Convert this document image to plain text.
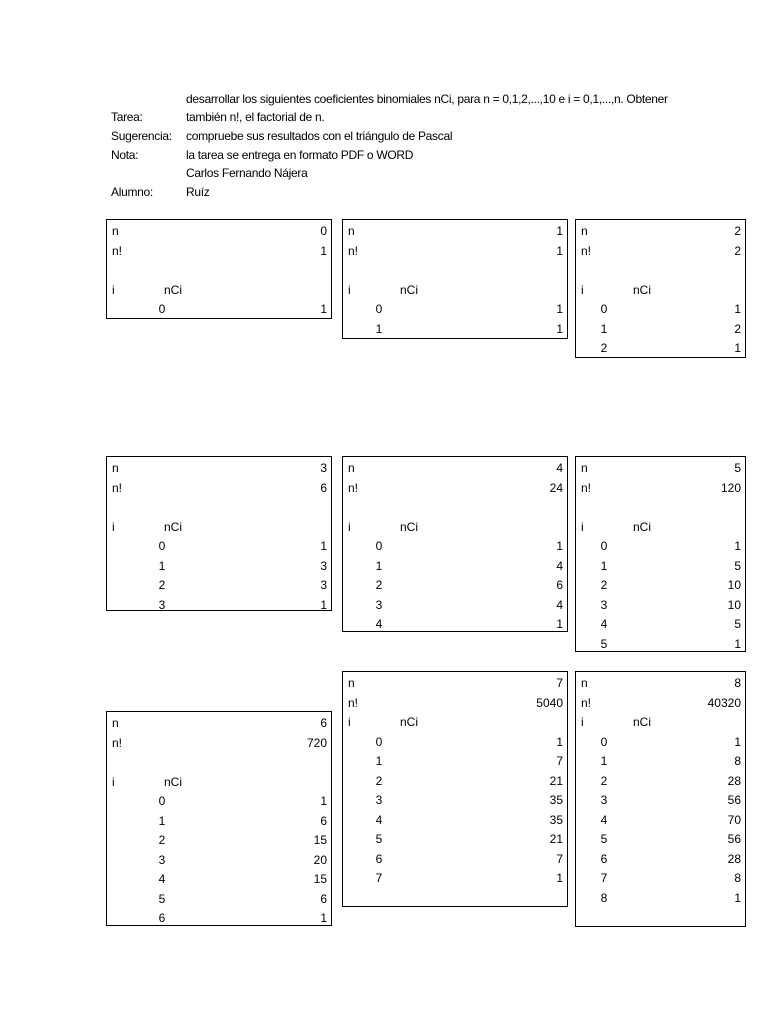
desarrollar los siguientes coeficientes binomiales nCi, para n = 0,1,2,...,10 e i = 0,1,...,n. Obtener
Tarea:	también n!, el factorial de n.
Sugerencia: compruebe sus resultados con el triángulo de Pascal
Nota:	la tarea se entrega en formato PDF o WORD
Carlos Fernando Nájera
Alumno:	Ruíz
n	0
n!	1
i	nCi
0	1
n	1
n!	1
i	nCi
0	1
1	1
n	2
n!	2
i	nCi
0	1
1	2
2	1
n	3
n!	6
i	nCi
0	1
1	3
2	3
3	1
n	4
n!	24
i	nCi
0	1
1	4
2	6
3	4
4	1
n	5
n!	120
i	nCi
0	1
1	5
2	10
3	10
4	5
5	1
n	6
n!	720
i	nCi
0	1
1	6
2	15
3	20
4	15
5	6
6	1
n	7
n!	5040
i	nCi
0	1
1	7
2	21
3	35
4	35
5	21
6	7
7	1
n	8
n!	40320
i	nCi
0	1
1	8
2	28
3	56
4	70
5	56
6	28
7	8
8	1
